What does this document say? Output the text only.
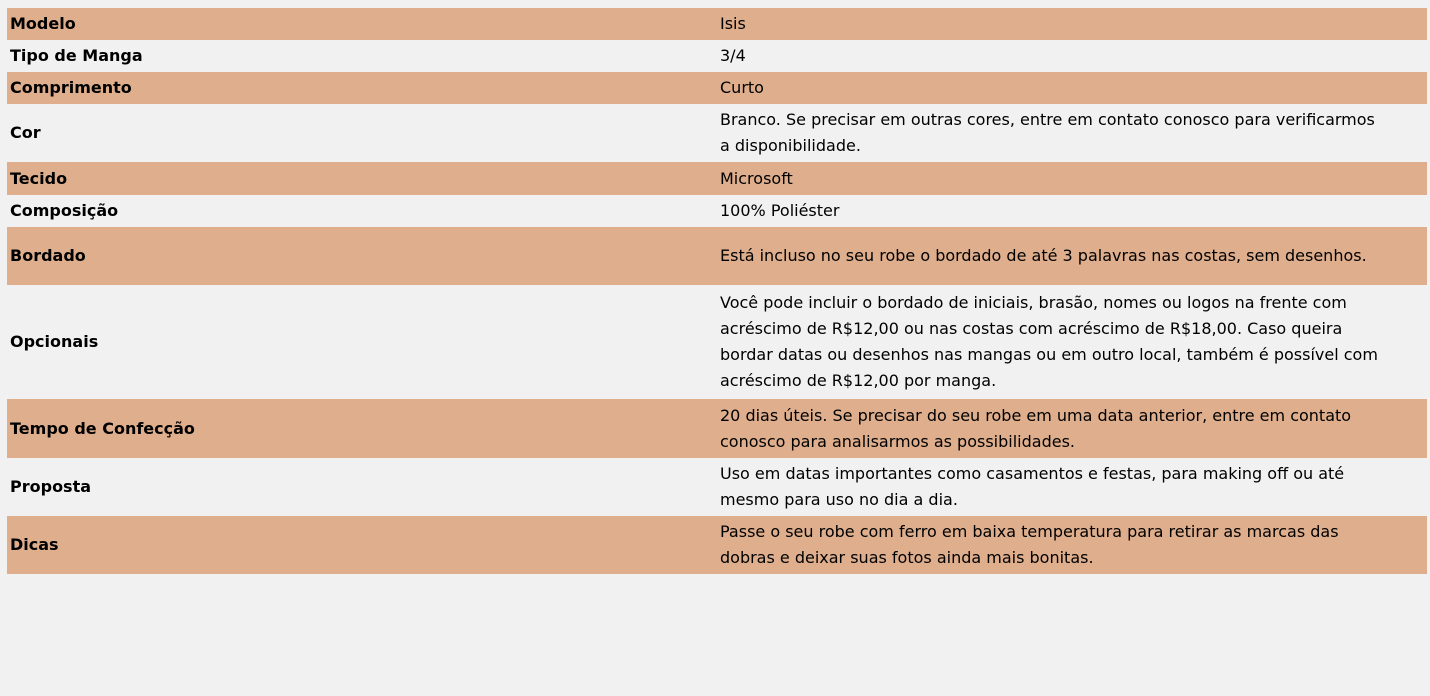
Modelo	Isis
Tipo de Manga	3/4
Comprimento	Curto
Cor	Branco. Se precisar em outras cores, entre em contato conosco para verificarmos a disponibilidade.
Tecido	Microsoft
Composição	100% Poliéster
Bordado	Está incluso no seu robe o bordado de até 3 palavras nas costas, sem desenhos.
Opcionais	Você pode incluir o bordado de iniciais, brasão, nomes ou logos na frente com acréscimo de R$12,00 ou nas costas com acréscimo de R$18,00. Caso queira bordar datas ou desenhos nas mangas ou em outro local, também é possível com acréscimo de R$12,00 por manga.
Tempo de Confecção	20 dias úteis. Se precisar do seu robe em uma data anterior, entre em contato conosco para analisarmos as possibilidades.
Proposta	Uso em datas importantes como casamentos e festas, para making off ou até mesmo para uso no dia a dia.
Dicas	Passe o seu robe com ferro em baixa temperatura para retirar as marcas das dobras e deixar suas fotos ainda mais bonitas.
